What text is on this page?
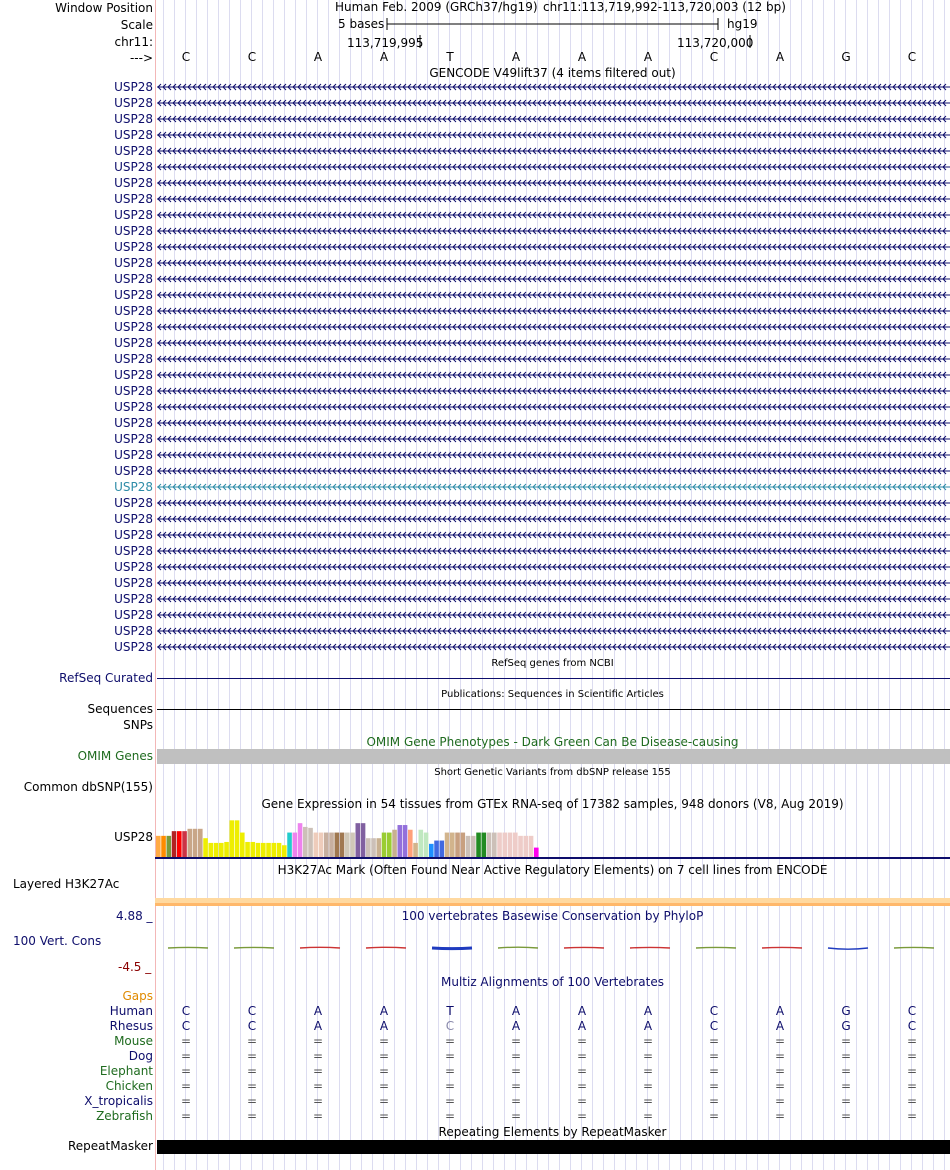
Window Position
Scale
chr11:
--->
Human Feb. 2009 (GRCh37/hg19) chr11:113,719,992-113,720,003 (12 bp)
5 bases	hg19
113,719,995	113,720,000
C	C	A	A	T	A	A	A	C	A	G	C
GENCODE V49lift37 (4 items filtered out)
USP28
USP28
USP28
USP28
USP28
USP28
USP28
USP28
USP28
USP28
USP28
USP28
USP28
USP28
USP28
USP28
USP28
USP28
USP28
USP28
USP28
USP28
USP28
USP28
USP28
USP28
USP28
USP28
USP28
USP28
USP28
USP28
USP28
USP28
USP28
USP28
RefSeq genes from NCBI
RefSeq Curated
Publications: Sequences in Scientific Articles
Sequences
SNPs
OMIM Gene Phenotypes - Dark Green Can Be Disease-causing
OMIM Genes
Short Genetic Variants from dbSNP release 155
Common dbSNP(155)
Gene Expression in 54 tissues from GTEx RNA-seq of 17382 samples, 948 donors (V8, Aug 2019)
USP28
H3K27Ac Mark (Often Found Near Active Regulatory Elements) on 7 cell lines from ENCODE
Layered H3K27Ac
100 vertebrates Basewise Conservation by PhyloP
4.88 _
100 Vert. Cons
-4.5 _
Multiz Alignments of 100 Vertebrates
Gaps
Human	C	C	A	A	T	A	A	A	C	A	G	C
Rhesus	C	C	A	A	C	A	A	A	C	A	G	C
Mouse	=	=	=	=	=	=	=	=	=	=	=	=
Dog	=	=	=	=	=	=	=	=	=	=	=	=
Elephant	=	=	=	=	=	=	=	=	=	=	=	=
Chicken	=	=	=	=	=	=	=	=	=	=	=	=
X_tropicalis	=	=	=	=	=	=	=	=	=	=	=	=
Zebrafish	=	=	=	=	=	=	=	=	=	=	=	=
Repeating Elements by RepeatMasker
RepeatMasker
